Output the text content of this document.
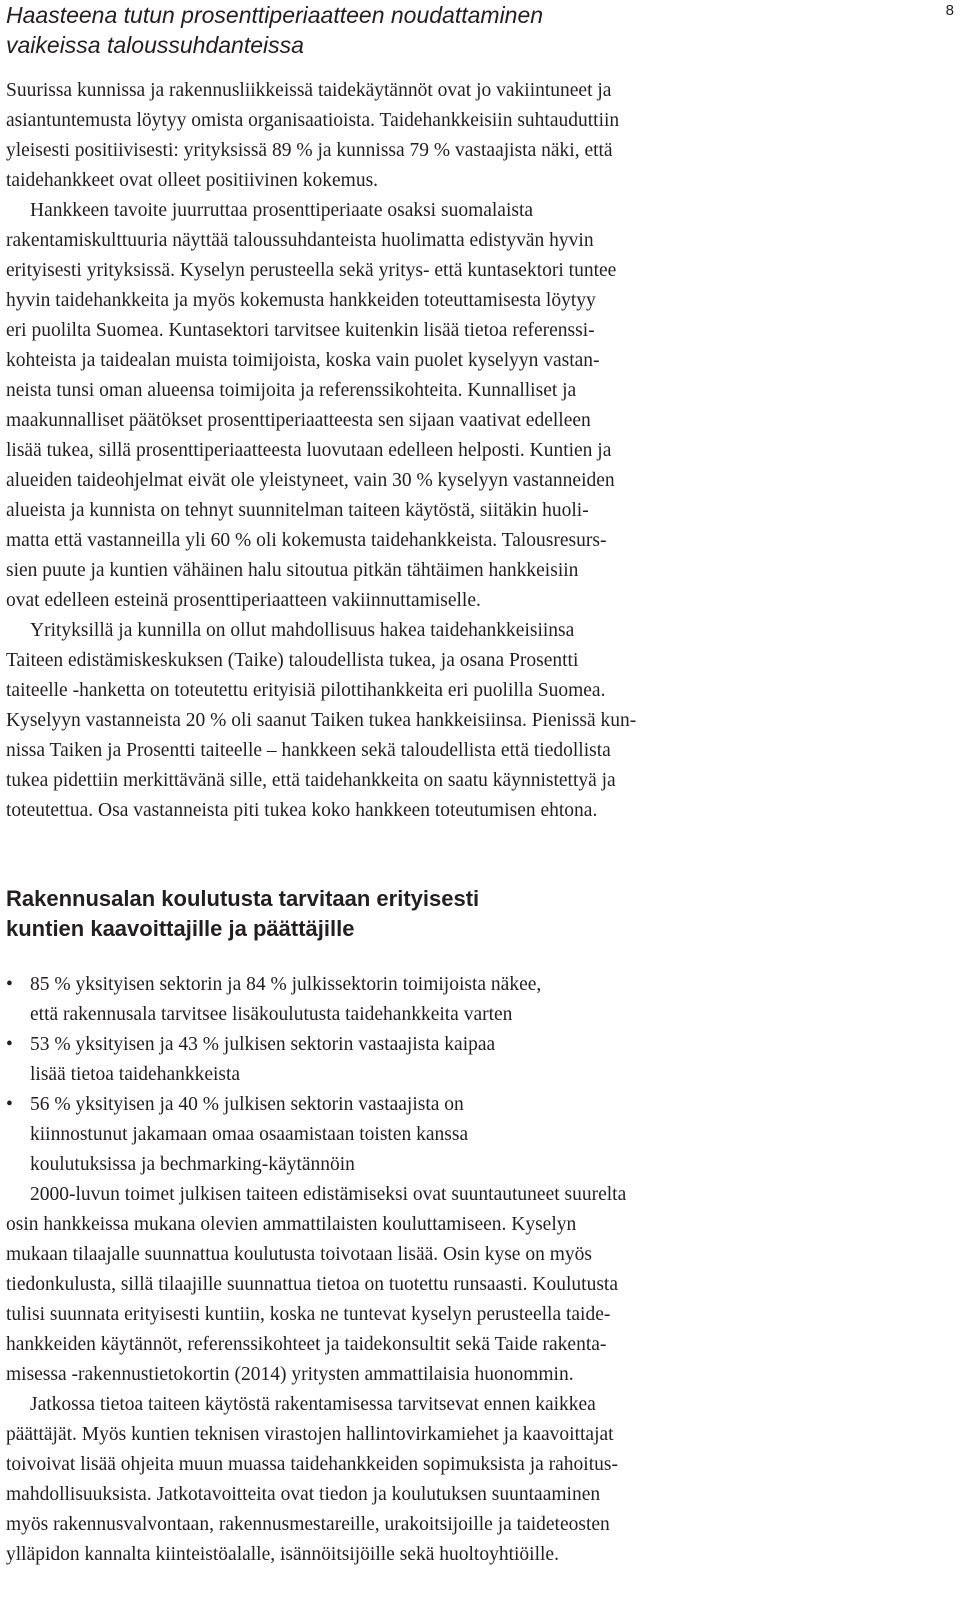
8
Haasteena tutun prosenttiperiaatteen noudattaminen
vaikeissa taloussuhdanteissa
Suurissa kunnissa ja rakennusliikkeissä taidekäytännöt ovat jo vakiintuneet ja
asiantuntemusta löytyy omista organisaatioista. Taidehankkeisiin suhtauduttiin
yleisesti positiivisesti: yrityksissä 89 % ja kunnissa 79 % vastaajista näki, että
taidehankkeet ovat olleet positiivinen kokemus.
Hankkeen tavoite juurruttaa prosenttiperiaate osaksi suomalaista
rakentamiskulttuuria näyttää taloussuhdanteista huolimatta edistyvän hyvin
erityisesti yrityksissä. Kyselyn perusteella sekä yritys- että kuntasektori tuntee
hyvin taidehankkeita ja myös kokemusta hankkeiden toteuttamisesta löytyy
eri puolilta Suomea. Kuntasektori tarvitsee kuitenkin lisää tietoa referenssi-
kohteista ja taidealan muista toimijoista, koska vain puolet kyselyyn vastan-
neista tunsi oman alueensa toimijoita ja referenssikohteita. Kunnalliset ja
maakunnalliset päätökset prosenttiperiaatteesta sen sijaan vaativat edelleen
lisää tukea, sillä prosenttiperiaatteesta luovutaan edelleen helposti. Kuntien ja
alueiden taideohjelmat eivät ole yleistyneet, vain 30 % kyselyyn vastanneiden
alueista ja kunnista on tehnyt suunnitelman taiteen käytöstä, siitäkin huoli-
matta että vastanneilla yli 60 % oli kokemusta taidehankkeista. Talousresurs-
sien puute ja kuntien vähäinen halu sitoutua pitkän tähtäimen hankkeisiin
ovat edelleen esteinä prosenttiperiaatteen vakiinnuttamiselle.
Yrityksillä ja kunnilla on ollut mahdollisuus hakea taidehankkeisiinsa
Taiteen edistämiskeskuksen (Taike) taloudellista tukea, ja osana Prosentti
taiteelle -hanketta on toteutettu erityisiä pilottihankkeita eri puolilla Suomea.
Kyselyyn vastanneista 20 % oli saanut Taiken tukea hankkeisiinsa. Pienissä kun-
nissa Taiken ja Prosentti taiteelle – hankkeen sekä taloudellista että tiedollista
tukea pidettiin merkittävänä sille, että taidehankkeita on saatu käynnistettyä ja
toteutettua. Osa vastanneista piti tukea koko hankkeen toteutumisen ehtona.
Rakennusalan koulutusta tarvitaan erityisesti
kuntien kaavoittajille ja päättäjille
• 85 % yksityisen sektorin ja 84 % julkissektorin toimijoista näkee,
että rakennusala tarvitsee lisäkoulutusta taidehankkeita varten
• 53 % yksityisen ja 43 % julkisen sektorin vastaajista kaipaa
lisää tietoa taidehankkeista
• 56 % yksityisen ja 40 % julkisen sektorin vastaajista on
kiinnostunut jakamaan omaa osaamistaan toisten kanssa
koulutuksissa ja bechmarking-käytännöin
2000-luvun toimet julkisen taiteen edistämiseksi ovat suuntautuneet suurelta
osin hankkeissa mukana olevien ammattilaisten kouluttamiseen. Kyselyn
mukaan tilaajalle suunnattua koulutusta toivotaan lisää. Osin kyse on myös
tiedonkulusta, sillä tilaajille suunnattua tietoa on tuotettu runsaasti. Koulutusta
tulisi suunnata erityisesti kuntiin, koska ne tuntevat kyselyn perusteella taide-
hankkeiden käytännöt, referenssikohteet ja taidekonsultit sekä Taide rakenta-
misessa -rakennustietokortin (2014) yritysten ammattilaisia huonommin.
Jatkossa tietoa taiteen käytöstä rakentamisessa tarvitsevat ennen kaikkea
päättäjät. Myös kuntien teknisen virastojen hallintovirkamiehet ja kaavoittajat
toivoivat lisää ohjeita muun muassa taidehankkeiden sopimuksista ja rahoitus-
mahdollisuuksista. Jatkotavoitteita ovat tiedon ja koulutuksen suuntaaminen
myös rakennusvalvontaan, rakennusmestareille, urakoitsijoille ja taideteosten
ylläpidon kannalta kiinteistöalalle, isännöitsijöille sekä huoltoyhtiöille.
